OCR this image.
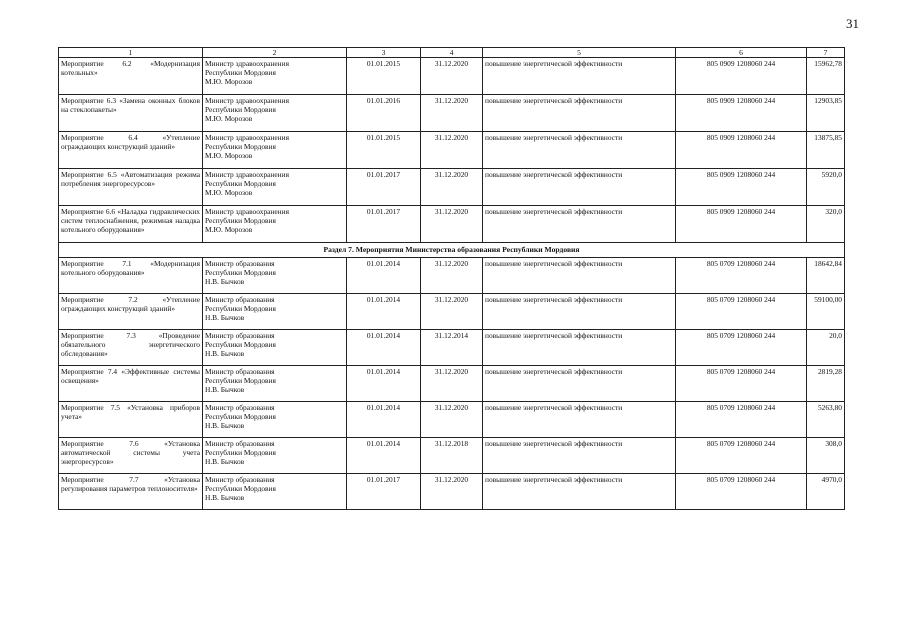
31
1	2	3	4	5	6	7
Мероприятие 6.2 «Модернизация котельных»	Министр здравоохранения
Республики Мордовия
М.Ю. Морозов	01.01.2015	31.12.2020	повышение энергетической эффективности	805 0909 1208060 244	15962,78
Мероприятие 6.3 «Замена оконных блоков на стеклопакеты»	Министр здравоохранения
Республики Мордовия
М.Ю. Морозов	01.01.2016	31.12.2020	повышение энергетической эффективности	805 0909 1208060 244	12903,85
Мероприятие 6.4 «Утепление ограждающих конструкций зданий»	Министр здравоохранения
Республики Мордовия
М.Ю. Морозов	01.01.2015	31.12.2020	повышение энергетической эффективности	805 0909 1208060 244	13875,85
Мероприятие 6.5 «Автоматизация режима потребления энергоресурсов»	Министр здравоохранения
Республики Мордовия
М.Ю. Морозов	01.01.2017	31.12.2020	повышение энергетической эффективности	805 0909 1208060 244	5920,0
Мероприятие 6.6 «Наладка гидравлических систем теплоснабжения, режимная наладка котельного оборудования»	Министр здравоохранения
Республики Мордовия
М.Ю. Морозов	01.01.2017	31.12.2020	повышение энергетической эффективности	805 0909 1208060 244	320,0
Раздел 7. Мероприятия Министерства образования Республики Мордовия						
Мероприятие 7.1 «Модернизация котельного оборудования»	Министр образования
Республики Мордовия
Н.В. Бычков	01.01.2014	31.12.2020	повышение энергетической эффективности	805 0709 1208060 244	18642,84
Мероприятие 7.2 «Утепление ограждающих конструкций зданий»	Министр образования
Республики Мордовия
Н.В. Бычков	01.01.2014	31.12.2020	повышение энергетической эффективности	805 0709 1208060 244	59100,00
Мероприятие 7.3 «Проведение обязательного энергетического обследования»	Министр образования
Республики Мордовия
Н.В. Бычков	01.01.2014	31.12.2014	повышение энергетической эффективности	805 0709 1208060 244	20,0
Мероприятие 7.4 «Эффективные системы освещения»	Министр образования
Республики Мордовия
Н.В. Бычков	01.01.2014	31.12.2020	повышение энергетической эффективности	805 0709 1208060 244	2819,28
Мероприятие 7.5 «Установка приборов учета»	Министр образования
Республики Мордовия
Н.В. Бычков	01.01.2014	31.12.2020	повышение энергетической эффективности	805 0709 1208060 244	5263,80
Мероприятие 7.6 «Установка автоматической системы учета энергоресурсов»	Министр образования
Республики Мордовия
Н.В. Бычков	01.01.2014	31.12.2018	повышение энергетической эффективности	805 0709 1208060 244	308,0
Мероприятие 7.7 «Установка регулирования параметров теплоносителя»	Министр образования
Республики Мордовия
Н.В. Бычков	01.01.2017	31.12.2020	повышение энергетической эффективности	805 0709 1208060 244	4970,0
